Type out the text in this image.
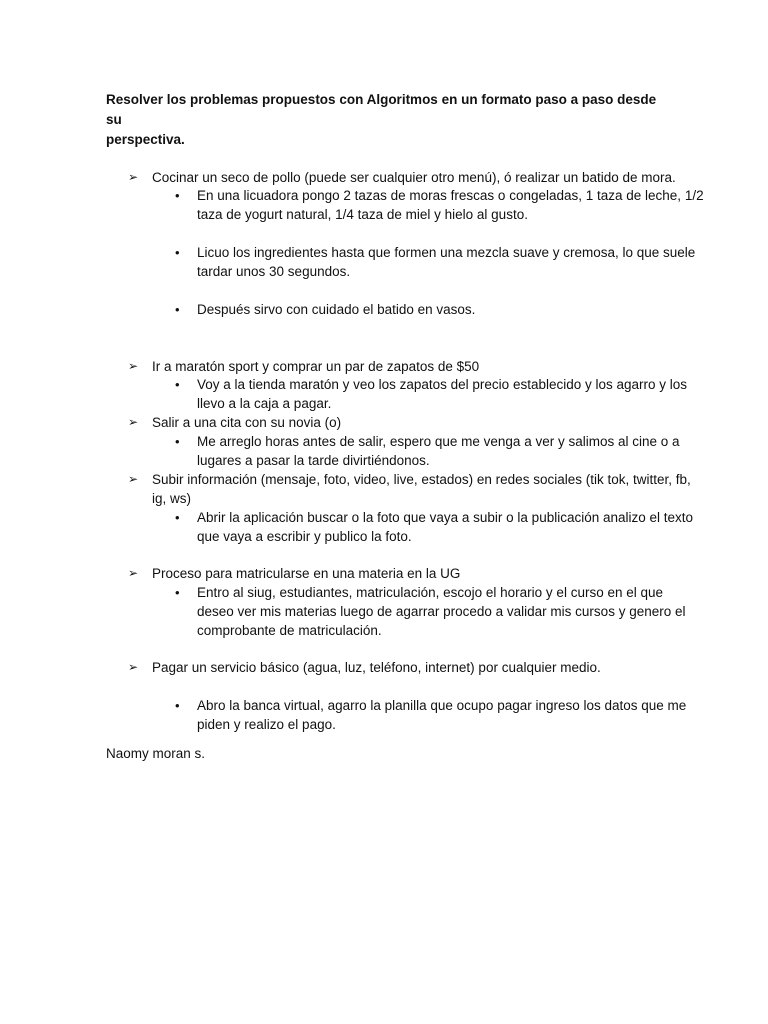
Resolver los problemas propuestos con Algoritmos en un formato paso a paso desde su
perspectiva.
➢ Cocinar un seco de pollo (puede ser cualquier otro menú), ó realizar un batido de mora.
• En una licuadora pongo 2 tazas de moras frescas o congeladas, 1 taza de leche, 1/2
taza de yogurt natural, 1/4 taza de miel y hielo al gusto.
• Licuo los ingredientes hasta que formen una mezcla suave y cremosa, lo que suele
tardar unos 30 segundos.
• Después sirvo con cuidado el batido en vasos.
➢ Ir a maratón sport y comprar un par de zapatos de $50
• Voy a la tienda maratón y veo los zapatos del precio establecido y los agarro y los
llevo a la caja a pagar.
➢ Salir a una cita con su novia (o)
• Me arreglo horas antes de salir, espero que me venga a ver y salimos al cine o a
lugares a pasar la tarde divirtiéndonos.
➢ Subir información (mensaje, foto, video, live, estados) en redes sociales (tik tok, twitter, fb,
ig, ws)
• Abrir la aplicación buscar o la foto que vaya a subir o la publicación analizo el texto
que vaya a escribir y publico la foto.
➢ Proceso para matricularse en una materia en la UG
• Entro al siug, estudiantes, matriculación, escojo el horario y el curso en el que
deseo ver mis materias luego de agarrar procedo a validar mis cursos y genero el
comprobante de matriculación.
➢ Pagar un servicio básico (agua, luz, teléfono, internet) por cualquier medio.
• Abro la banca virtual, agarro la planilla que ocupo pagar ingreso los datos que me
piden y realizo el pago.
Naomy moran s.
